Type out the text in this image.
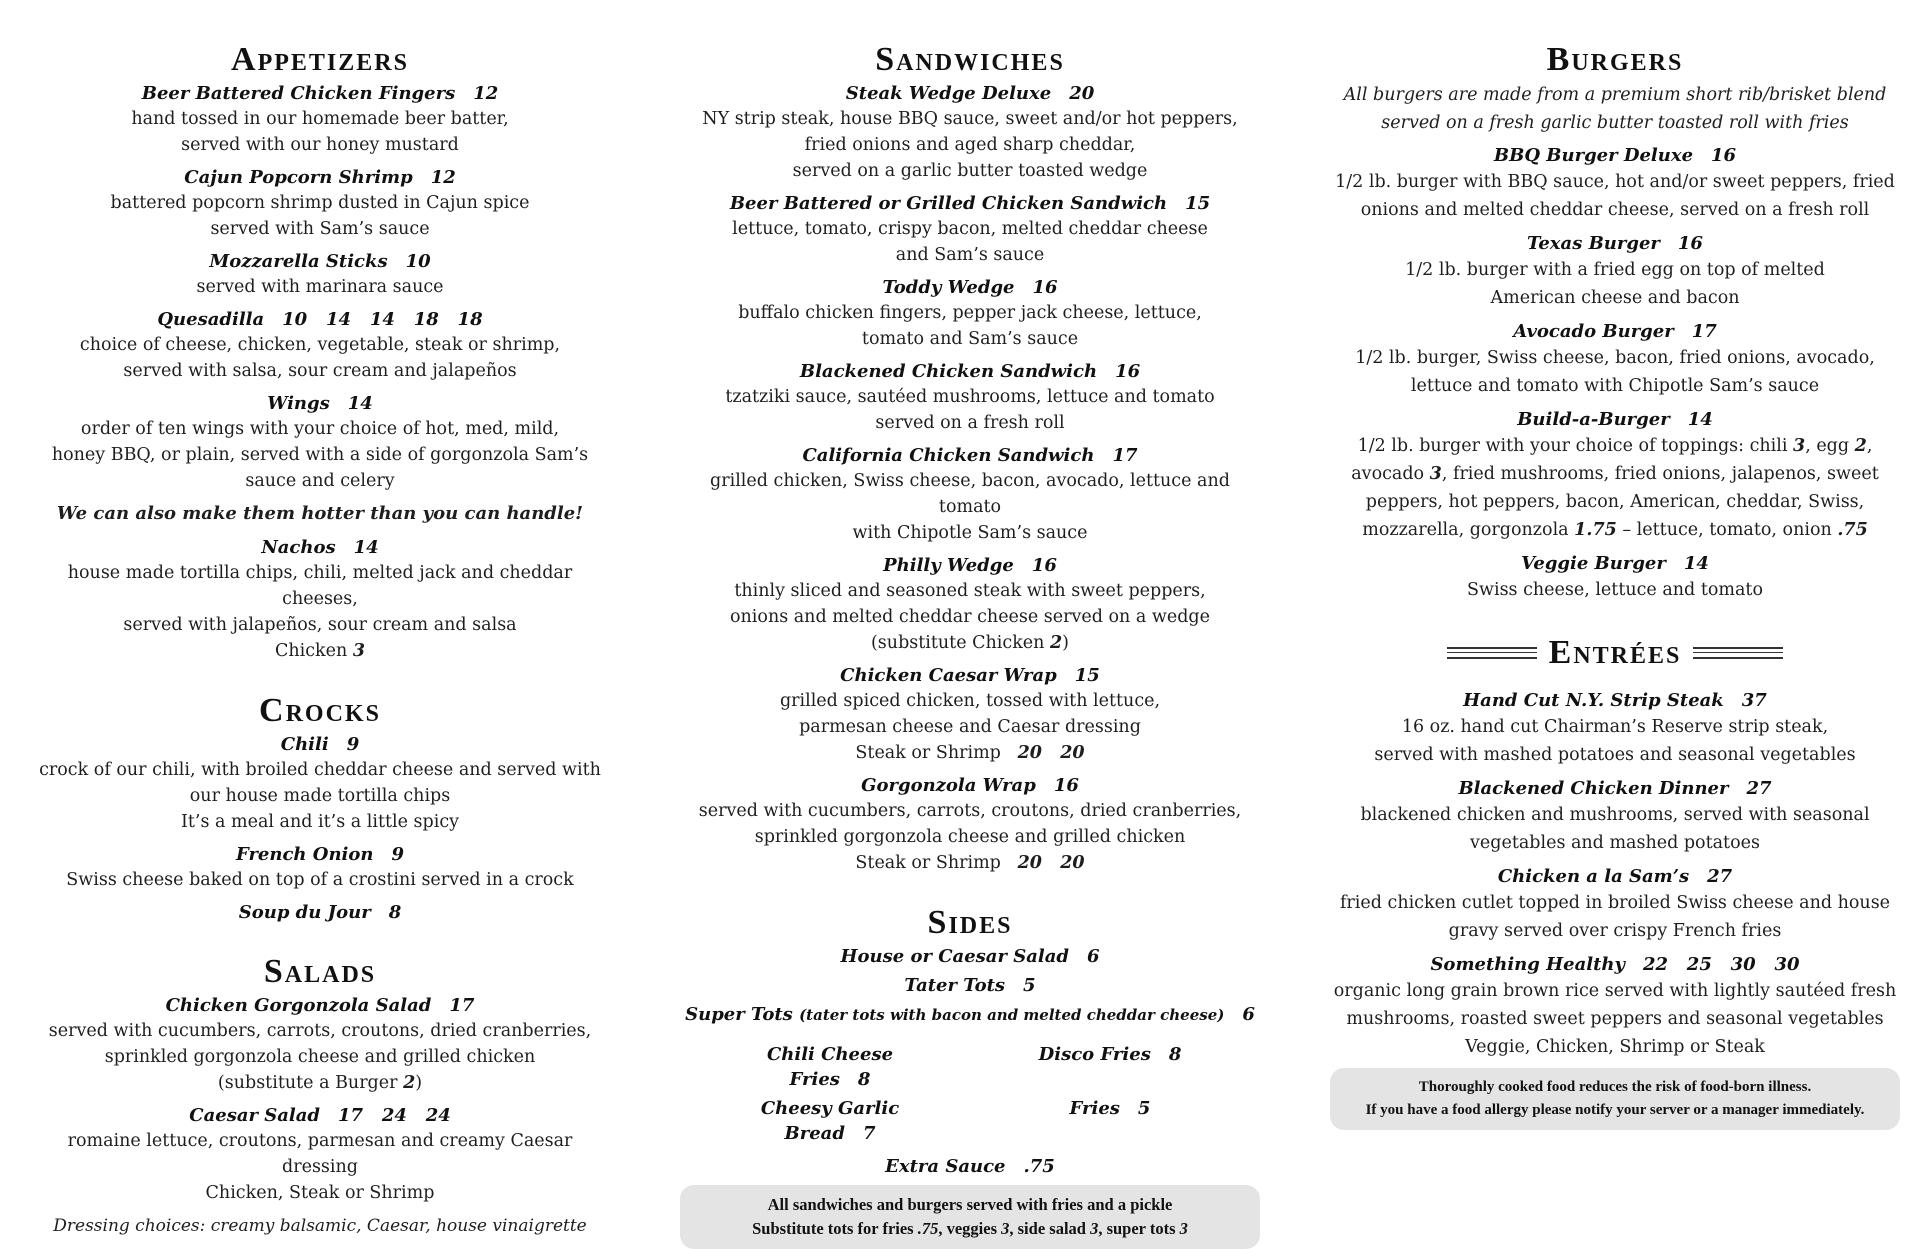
Appetizers
Beer Battered Chicken Fingers 12
hand tossed in our homemade beer batter,
served with our honey mustard
Cajun Popcorn Shrimp 12
battered popcorn shrimp dusted in Cajun spice
served with Sam’s sauce
Mozzarella Sticks 10
served with marinara sauce
Quesadilla 10   14   14   18   18
choice of cheese, chicken, vegetable, steak or shrimp,
served with salsa, sour cream and jalapeños
Wings 14
order of ten wings with your choice of hot, med, mild,
honey BBQ, or plain, served with a side of gorgonzola Sam’s
sauce and celery
We can also make them hotter than you can handle!
Nachos 14
house made tortilla chips, chili, melted jack and cheddar cheeses,
served with jalapeños, sour cream and salsa
Chicken 3
Crocks
Chili 9
crock of our chili, with broiled cheddar cheese and served with
our house made tortilla chips
It’s a meal and it’s a little spicy
French Onion 9
Swiss cheese baked on top of a crostini served in a crock
Soup du Jour 8
Salads
Chicken Gorgonzola Salad 17
served with cucumbers, carrots, croutons, dried cranberries,
sprinkled gorgonzola cheese and grilled chicken
(substitute a Burger 2)
Caesar Salad 17   24   24
romaine lettuce, croutons, parmesan and creamy Caesar dressing
Chicken, Steak or Shrimp
Dressing choices: creamy balsamic, Caesar, house vinaigrette
Sandwiches
Steak Wedge Deluxe 20
NY strip steak, house BBQ sauce, sweet and/or hot peppers,
fried onions and aged sharp cheddar,
served on a garlic butter toasted wedge
Beer Battered or Grilled Chicken Sandwich 15
lettuce, tomato, crispy bacon, melted cheddar cheese
and Sam’s sauce
Toddy Wedge 16
buffalo chicken fingers, pepper jack cheese, lettuce,
tomato and Sam’s sauce
Blackened Chicken Sandwich 16
tzatziki sauce, sautéed mushrooms, lettuce and tomato
served on a fresh roll
California Chicken Sandwich 17
grilled chicken, Swiss cheese, bacon, avocado, lettuce and tomato
with Chipotle Sam’s sauce
Philly Wedge 16
thinly sliced and seasoned steak with sweet peppers,
onions and melted cheddar cheese served on a wedge
(substitute Chicken 2)
Chicken Caesar Wrap 15
grilled spiced chicken, tossed with lettuce,
parmesan cheese and Caesar dressing
Steak or Shrimp 20   20
Gorgonzola Wrap 16
served with cucumbers, carrots, croutons, dried cranberries,
sprinkled gorgonzola cheese and grilled chicken
Steak or Shrimp 20   20
Sides
House or Caesar Salad 6
Tater Tots 5
Super Tots (tater tots with bacon and melted cheddar cheese) 6
Chili Cheese Fries 8
Disco Fries 8
Cheesy Garlic Bread 7
Fries 5
Extra Sauce .75
All sandwiches and burgers served with fries and a pickle
Substitute tots for fries .75, veggies 3, side salad 3, super tots 3
Burgers
All burgers are made from a premium short rib/brisket blend
served on a fresh garlic butter toasted roll with fries
BBQ Burger Deluxe 16
1/2 lb. burger with BBQ sauce, hot and/or sweet peppers, fried
onions and melted cheddar cheese, served on a fresh roll
Texas Burger 16
1/2 lb. burger with a fried egg on top of melted
American cheese and bacon
Avocado Burger 17
1/2 lb. burger, Swiss cheese, bacon, fried onions, avocado,
lettuce and tomato with Chipotle Sam’s sauce
Build-a-Burger 14
1/2 lb. burger with your choice of toppings: chili 3, egg 2,
avocado 3, fried mushrooms, fried onions, jalapenos, sweet
peppers, hot peppers, bacon, American, cheddar, Swiss,
mozzarella, gorgonzola 1.75 – lettuce, tomato, onion .75
Veggie Burger 14
Swiss cheese, lettuce and tomato
Entrées
Hand Cut N.Y. Strip Steak 37
16 oz. hand cut Chairman’s Reserve strip steak,
served with mashed potatoes and seasonal vegetables
Blackened Chicken Dinner 27
blackened chicken and mushrooms, served with seasonal
vegetables and mashed potatoes
Chicken a la Sam’s 27
fried chicken cutlet topped in broiled Swiss cheese and house
gravy served over crispy French fries
Something Healthy 22   25   30   30
organic long grain brown rice served with lightly sautéed fresh
mushrooms, roasted sweet peppers and seasonal vegetables
Veggie, Chicken, Shrimp or Steak
Thoroughly cooked food reduces the risk of food-born illness.
If you have a food allergy please notify your server or a manager immediately.
